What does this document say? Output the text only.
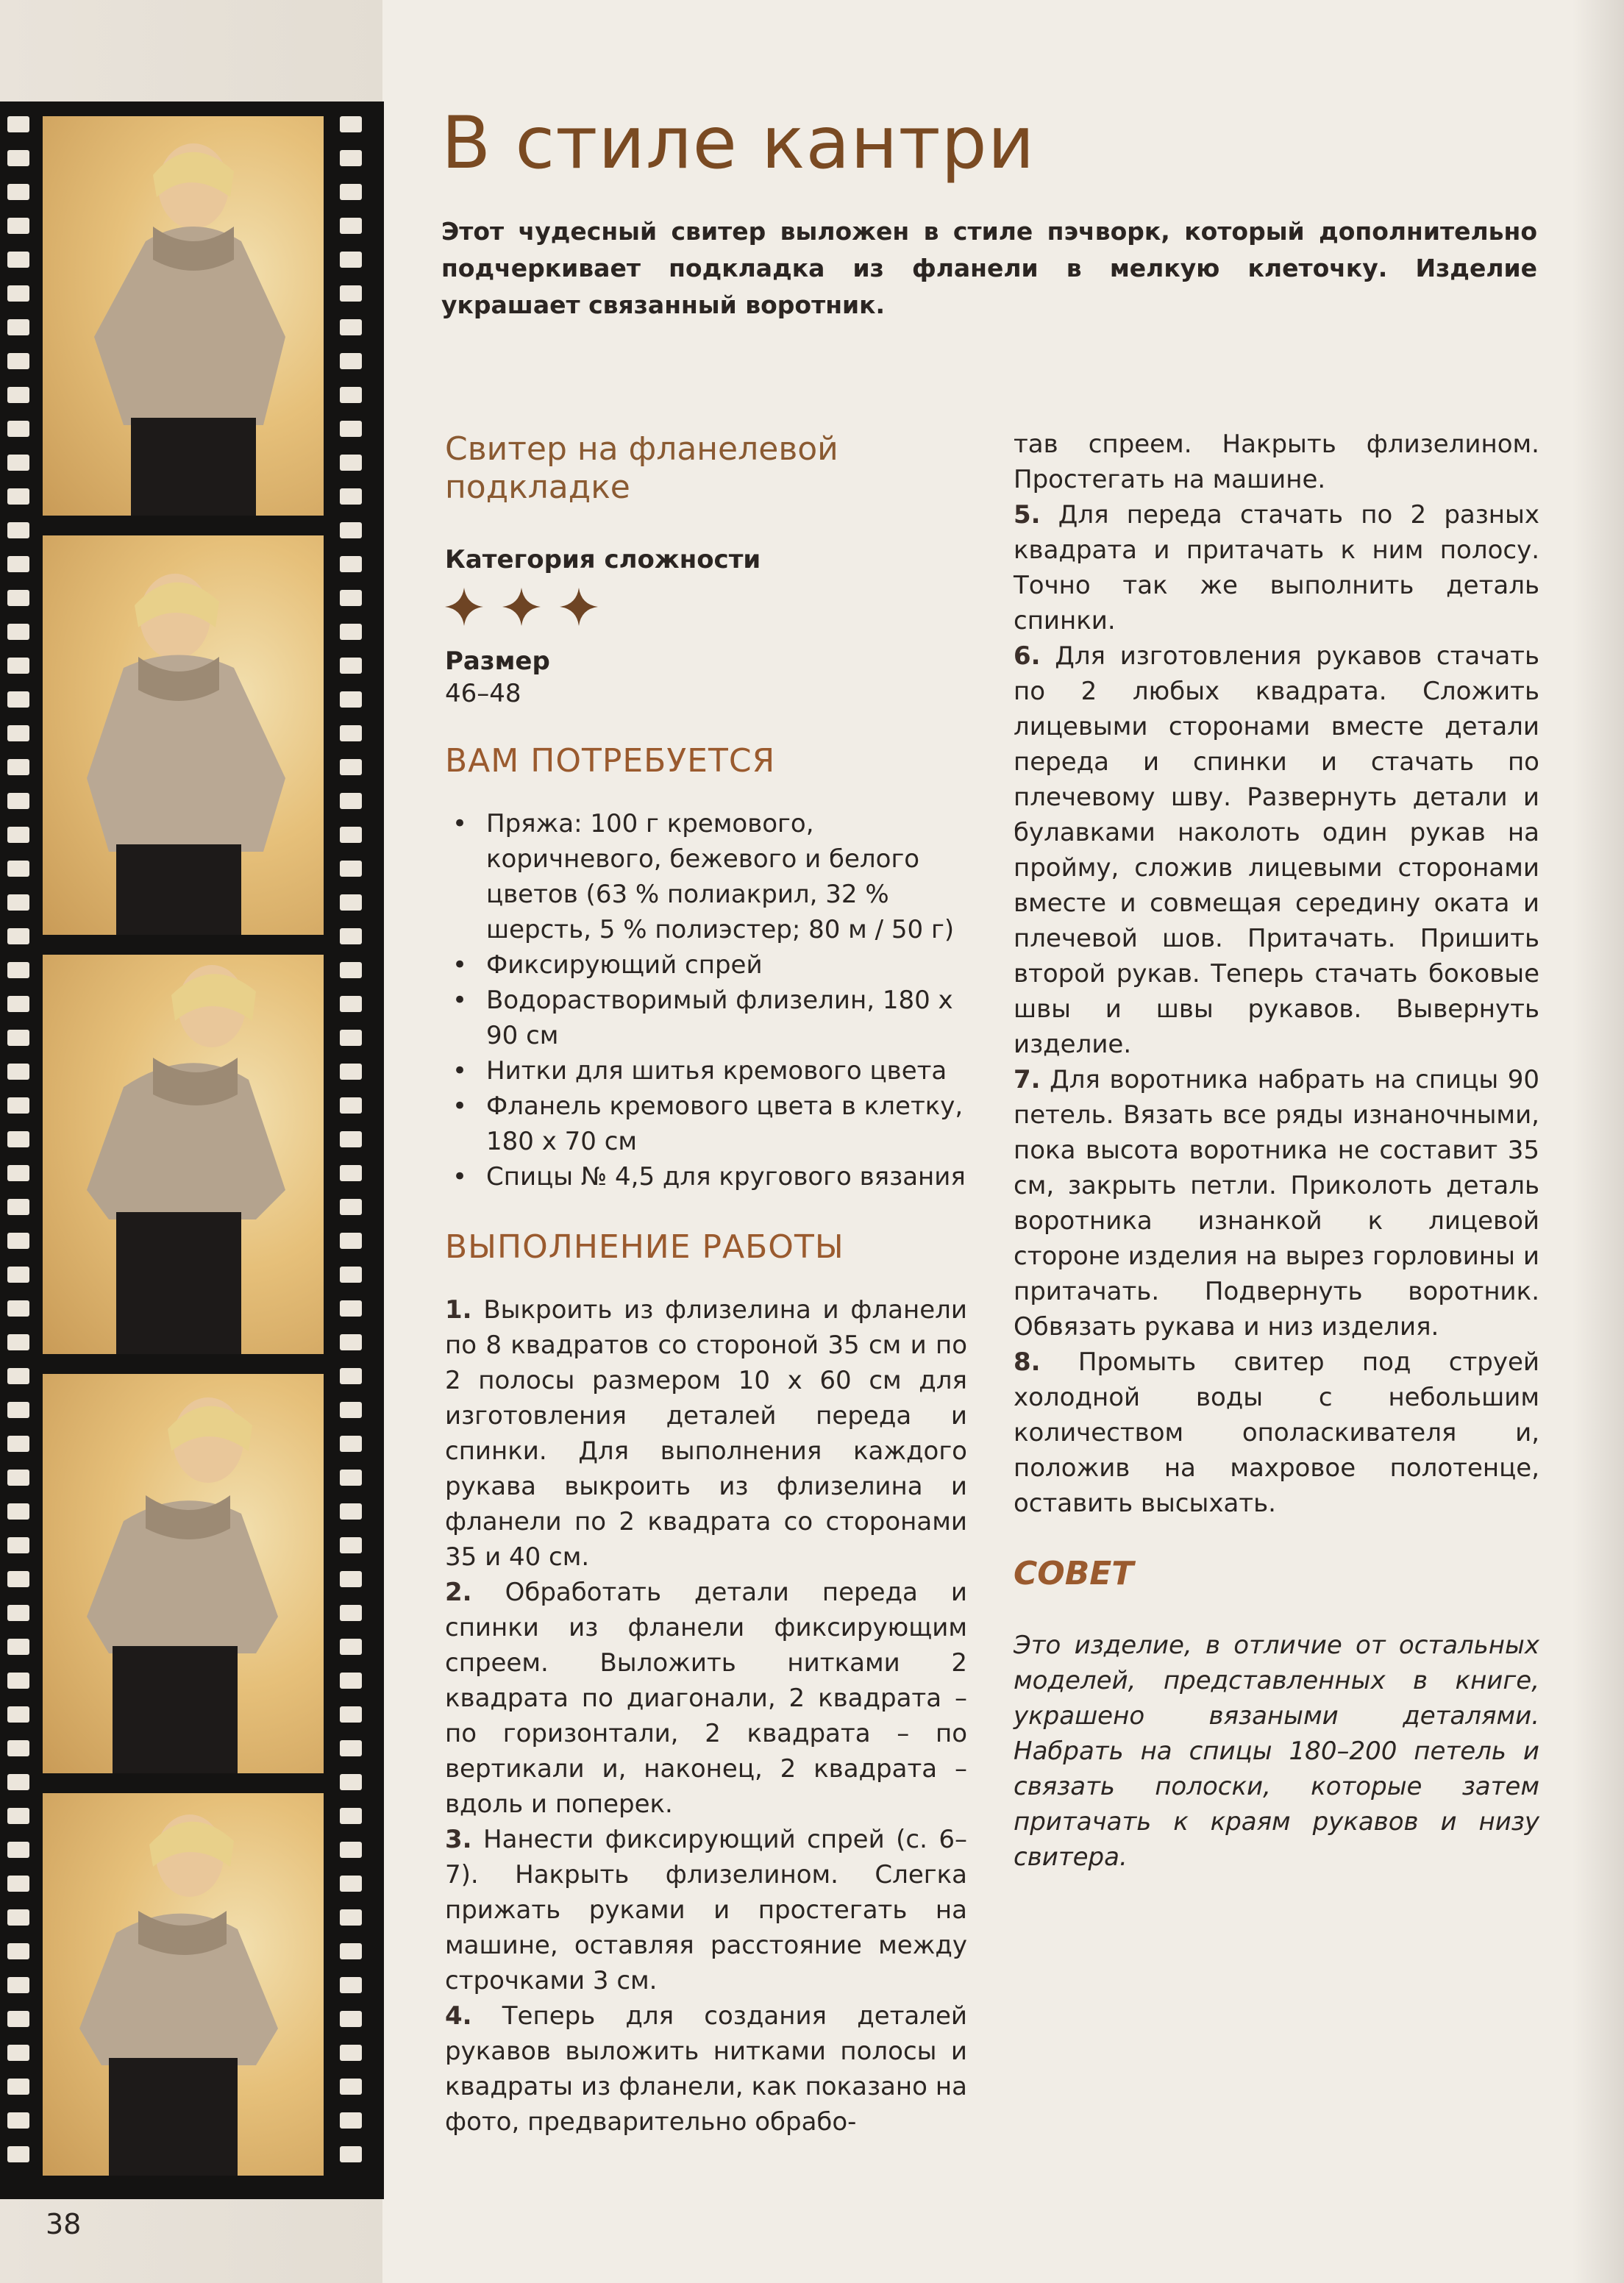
В стиле кантри

Этот чудесный свитер выложен в стиле пэчворк, который дополнительно подчеркивает подкладка из фланели в мелкую клеточку. Изделие украшает связанный воротник.

Свитер на фланелевой
подкладке

Категория сложности

Размер

46–48

ВАМ ПОТРЕБУЕТСЯ
• Пряжа: 100 г кремового, коричневого, бежевого и белого цветов (63 % полиакрил, 32 % шерсть, 5 % полиэстер; 80 м / 50 г)
• Фиксирующий спрей
• Водорастворимый флизелин, 180 x 90 см
• Нитки для шитья кремового цвета
• Фланель кремового цвета в клетку, 180 x 70 см
• Спицы № 4,5 для кругового вязания
ВЫПОЛНЕНИЕ РАБОТЫ

1. Выкроить из флизелина и фланели по 8 квадратов со стороной 35 см и по 2 полосы размером 10 x 60 см для изготовления деталей переда и спинки. Для выполнения каждого рукава выкроить из флизелина и фланели по 2 квадрата со сторонами 35 и 40 см.

2. Обработать детали переда и спинки из фланели фиксирующим спреем. Выложить нитками 2 квадрата по диагонали, 2 квадрата – по горизонтали, 2 квадрата – по вертикали и, наконец, 2 квадрата – вдоль и поперек.

3. Нанести фиксирующий спрей (с. 6–7). Накрыть флизелином. Слегка прижать руками и простегать на машине, оставляя расстояние между строчками 3 см.

4. Теперь для создания деталей рукавов выложить нитками полосы и квадраты из фланели, как показано на фото, предварительно обрабо-

тав спреем. Накрыть флизелином. Простегать на машине.

5. Для переда стачать по 2 разных квадрата и притачать к ним полосу. Точно так же выполнить деталь спинки.

6. Для изготовления рукавов стачать по 2 любых квадрата. Сложить лицевыми сторонами вместе детали переда и спинки и стачать по плечевому шву. Развернуть детали и булавками наколоть один рукав на пройму, сложив лицевыми сторонами вместе и совмещая середину оката и плечевой шов. Притачать. Пришить второй рукав. Теперь стачать боковые швы и швы рукавов. Вывернуть изделие.

7. Для воротника набрать на спицы 90 петель. Вязать все ряды изнаночными, пока высота воротника не составит 35 см, закрыть петли. Приколоть деталь воротника изнанкой к лицевой стороне изделия на вырез горловины и притачать. Подвернуть воротник. Обвязать рукава и низ изделия.

8. Промыть свитер под струей холодной воды с небольшим количеством ополаскивателя и, положив на махровое полотенце, оставить высыхать.

СОВЕТ

Это изделие, в отличие от остальных моделей, представленных в книге, украшено вязаными деталями. Набрать на спицы 180–200 петель и связать полоски, которые затем притачать к краям рукавов и низу свитера.

38
